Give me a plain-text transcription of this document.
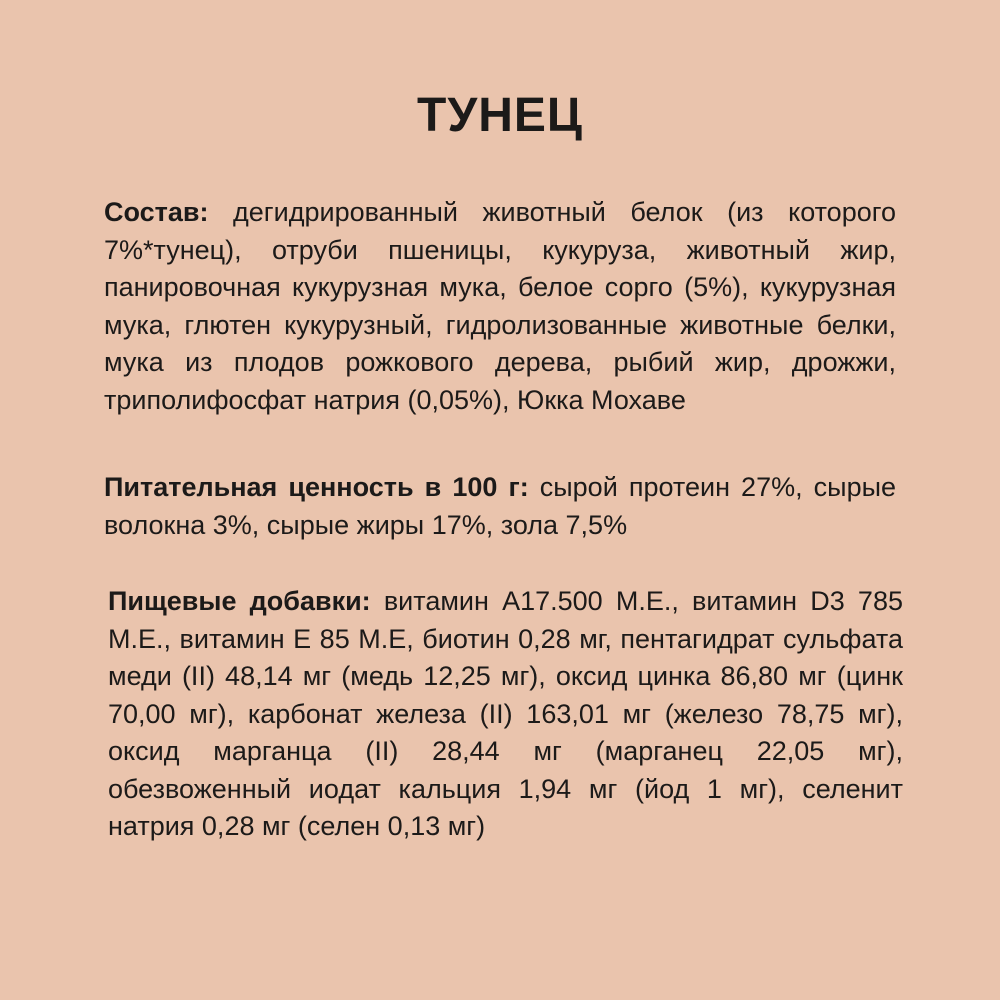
ТУНЕЦ

Состав: дегидрированный животный белок (из которого 7%*тунец), отруби пшеницы, кукуруза, животный жир, панировочная кукурузная мука, белое сорго (5%), кукурузная мука, глютен кукурузный, гидролизованные животные белки, мука из плодов рожкового дерева, рыбий жир, дрожжи, триполифосфат натрия (0,05%), Юкка Мохаве

Питательная ценность в 100 г: сырой протеин 27%, сырые волокна 3%, сырые жиры 17%, зола 7,5%

Пищевые добавки: витамин А17.500 М.Е., витамин D3 785 М.Е., витамин Е 85 М.Е, биотин 0,28 мг, пентагидрат сульфата меди (II) 48,14 мг (медь 12,25 мг), оксид цинка 86,80 мг (цинк 70,00 мг), карбонат железа (II) 163,01 мг (железо 78,75 мг), оксид марганца (II) 28,44 мг (марганец 22,05 мг), обезвоженный иодат кальция 1,94 мг (йод 1 мг), селенит натрия 0,28 мг (селен 0,13 мг)
